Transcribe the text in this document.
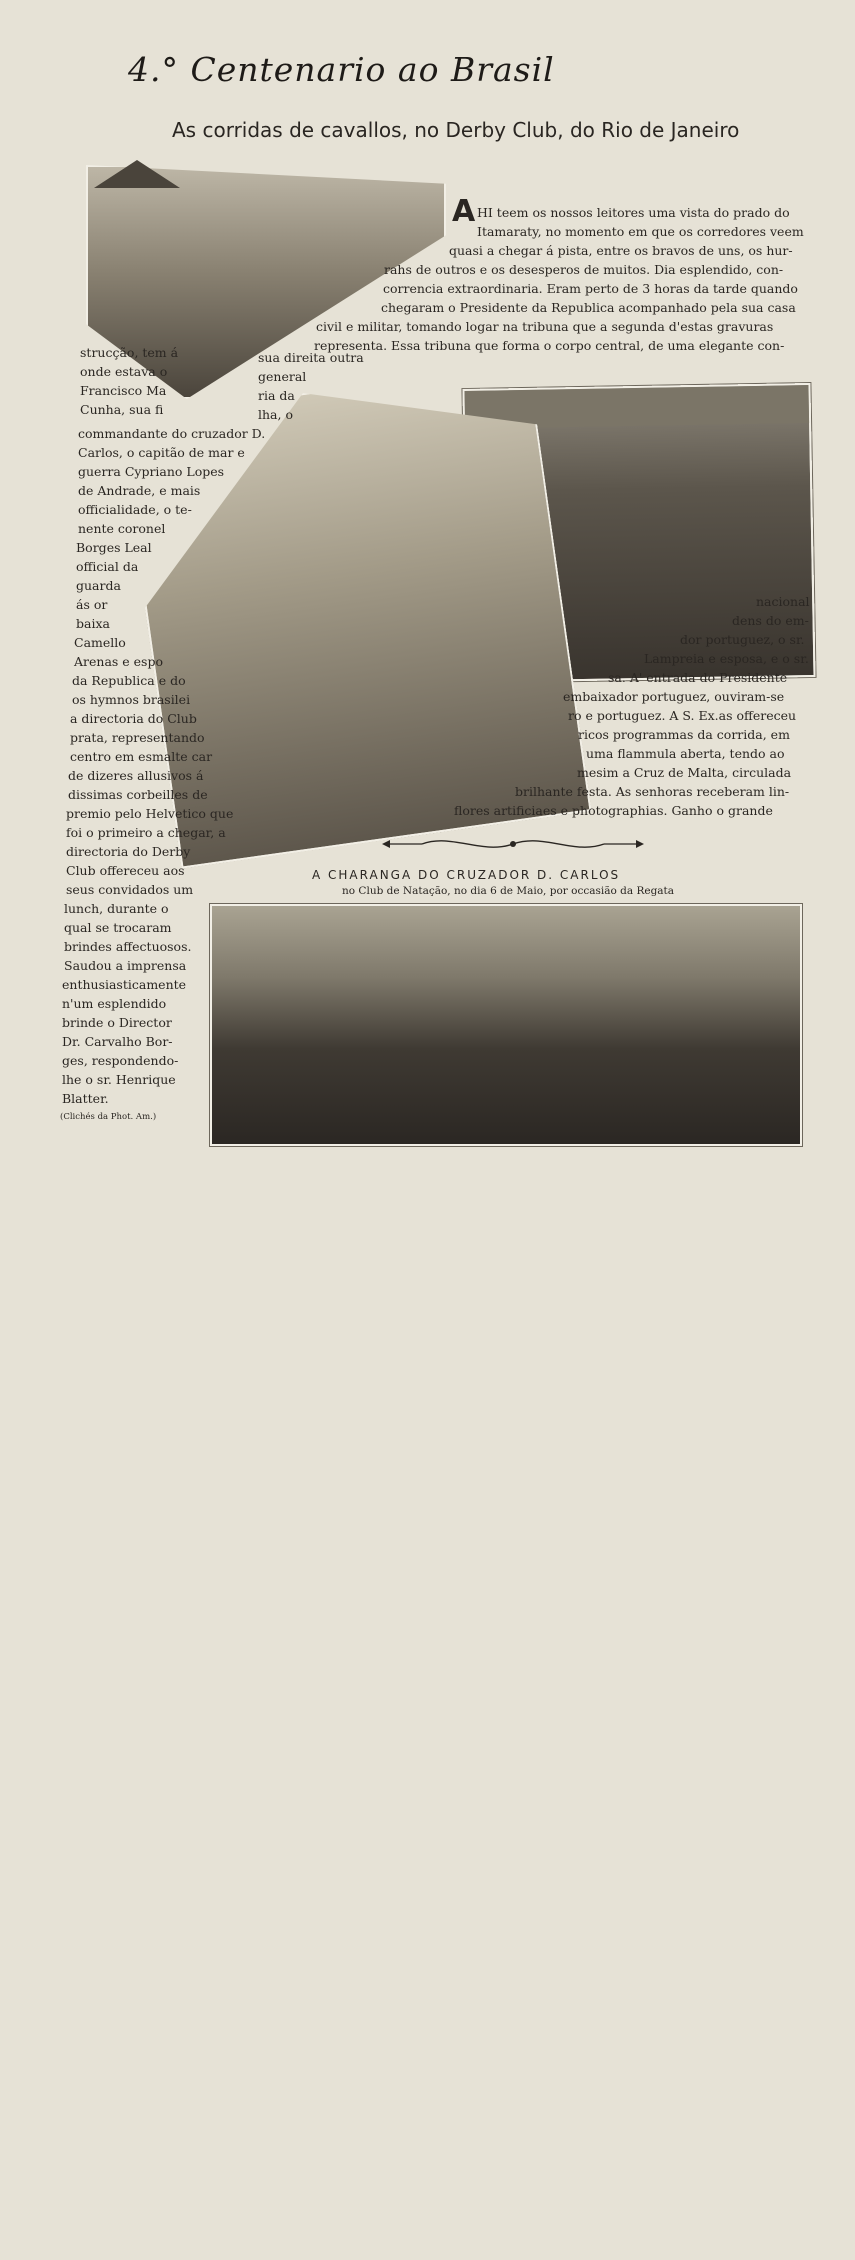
4.° Centenario ao Brasil
As corridas de cavallos, no Derby Club, do Rio de Janeiro
A HI teem os nossos leitores uma vista do prado do
Itamaraty, no momento em que os corredores veem
quasi a chegar á pista, entre os bravos de uns, os hur-
rahs de outros e os desesperos de muitos. Dia esplendido, con-
correncia extraordinaria. Eram perto de 3 horas da tarde quando
chegaram o Presidente da Republica acompanhado pela sua casa
civil e militar, tomando logar na tribuna que a segunda d'estas gravuras
representa. Essa tribuna que forma o corpo central, de uma elegante con-
strucção, tem á
onde estava o
Francisco Ma
Cunha, sua fi
sua direita outra
general
ria da
lha, o
commandante do cruzador D.
Carlos, o capitão de mar e
guerra Cypriano Lopes
de Andrade, e mais
officialidade, o te-
nente coronel
Borges Leal
official da
guarda
ás or
baixa
Camello
Arenas e espo
da Republica e do
os hymnos brasilei
a directoria do Club
prata, representando
centro em esmalte car
de dizeres allusivos á
dissimas corbeilles de
premio pelo Helvetico que
foi o primeiro a chegar, a
directoria do Derby
Club offereceu aos
seus convidados um
lunch, durante o
qual se trocaram
brindes affectuosos.
Saudou a imprensa
enthusiasticamente
n'um esplendido
brinde o Director
Dr. Carvalho Bor-
ges, respondendo-
lhe o sr. Henrique
Blatter.
nacional
dens do em-
dor portuguez, o sr.
Lampreia e esposa, e o sr.
sa. A' entrada do Presidente
embaixador portuguez, ouviram-se
ro e portuguez. A S. Ex.as offereceu
ricos programmas da corrida, em
uma flammula aberta, tendo ao
mesim a Cruz de Malta, circulada
brilhante festa. As senhoras receberam lin-
flores artificiaes e photographias. Ganho o grande
A CHARANGA DO CRUZADOR D. CARLOS
no Club de Natação, no dia 6 de Maio, por occasião da Regata
(Clichés da Phot. Am.)
